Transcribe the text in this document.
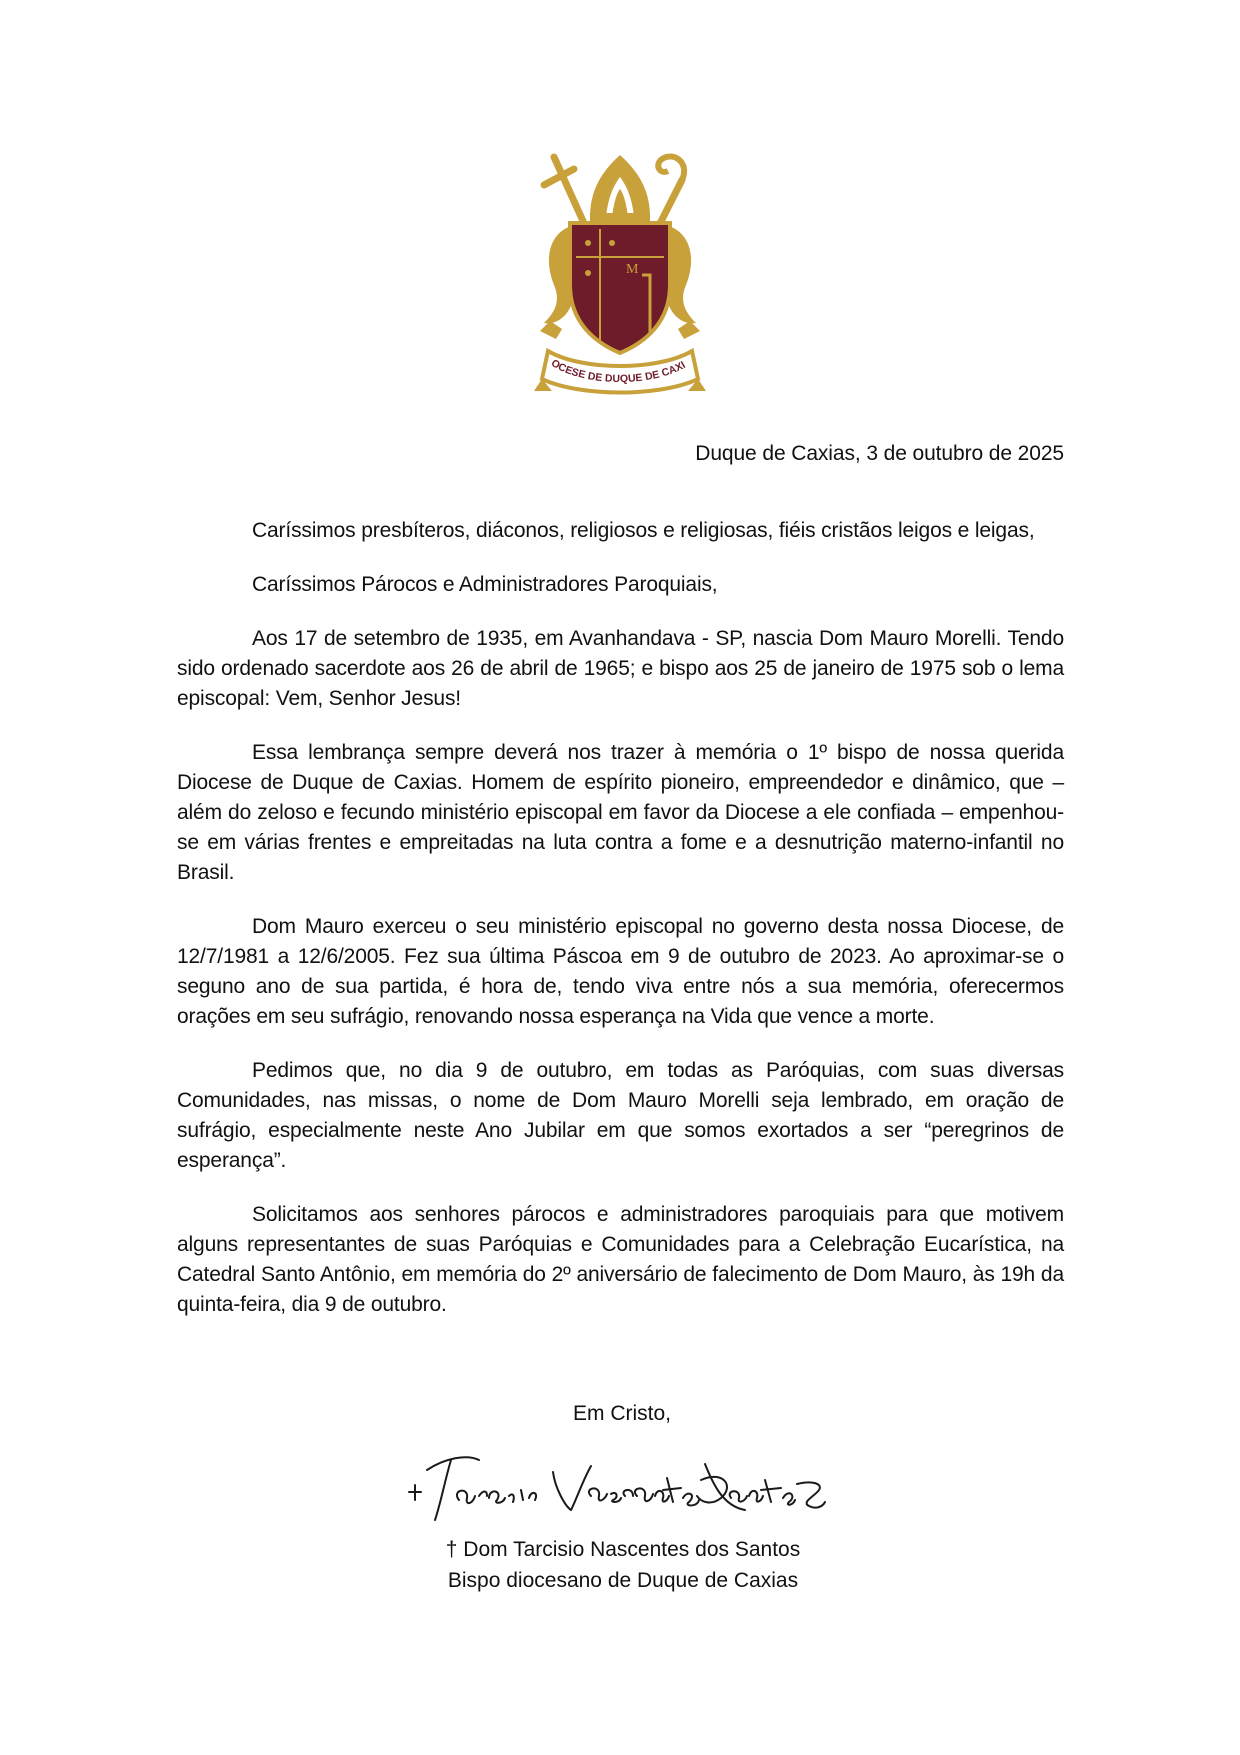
M
OCESE DE DUQUE DE CAXI
Duque de Caxias, 3 de outubro de 2025

Caríssimos presbíteros, diáconos, religiosos e religiosas, fiéis cristãos leigos e leigas,

Caríssimos Párocos e Administradores Paroquiais,

Aos 17 de setembro de 1935, em Avanhandava - SP, nascia Dom Mauro Morelli. Tendo sido ordenado sacerdote aos 26 de abril de 1965; e bispo aos 25 de janeiro de 1975 sob o lema episcopal: Vem, Senhor Jesus!

Essa lembrança sempre deverá nos trazer à memória o 1º bispo de nossa querida Diocese de Duque de Caxias. Homem de espírito pioneiro, empreendedor e dinâmico, que – além do zeloso e fecundo ministério episcopal em favor da Diocese a ele confiada – empenhou-se em várias frentes e empreitadas na luta contra a fome e a desnutrição materno-infantil no Brasil.

Dom Mauro exerceu o seu ministério episcopal no governo desta nossa Diocese, de 12/7/1981 a 12/6/2005. Fez sua última Páscoa em 9 de outubro de 2023. Ao aproximar-se o seguno ano de sua partida, é hora de, tendo viva entre nós a sua memória, oferecermos orações em seu sufrágio, renovando nossa esperança na Vida que vence a morte.

Pedimos que, no dia 9 de outubro, em todas as Paróquias, com suas diversas Comunidades, nas missas, o nome de Dom Mauro Morelli seja lembrado, em oração de sufrágio, especialmente neste Ano Jubilar em que somos exortados a ser “peregrinos de esperança”.

Solicitamos aos senhores párocos e administradores paroquiais para que motivem alguns representantes de suas Paróquias e Comunidades para a Celebração Eucarística, na Catedral Santo Antônio, em memória do 2º aniversário de falecimento de Dom Mauro, às 19h da quinta-feira, dia 9 de outubro.

Em Cristo,
† Dom Tarcisio Nascentes dos Santos
Bispo diocesano de Duque de Caxias
